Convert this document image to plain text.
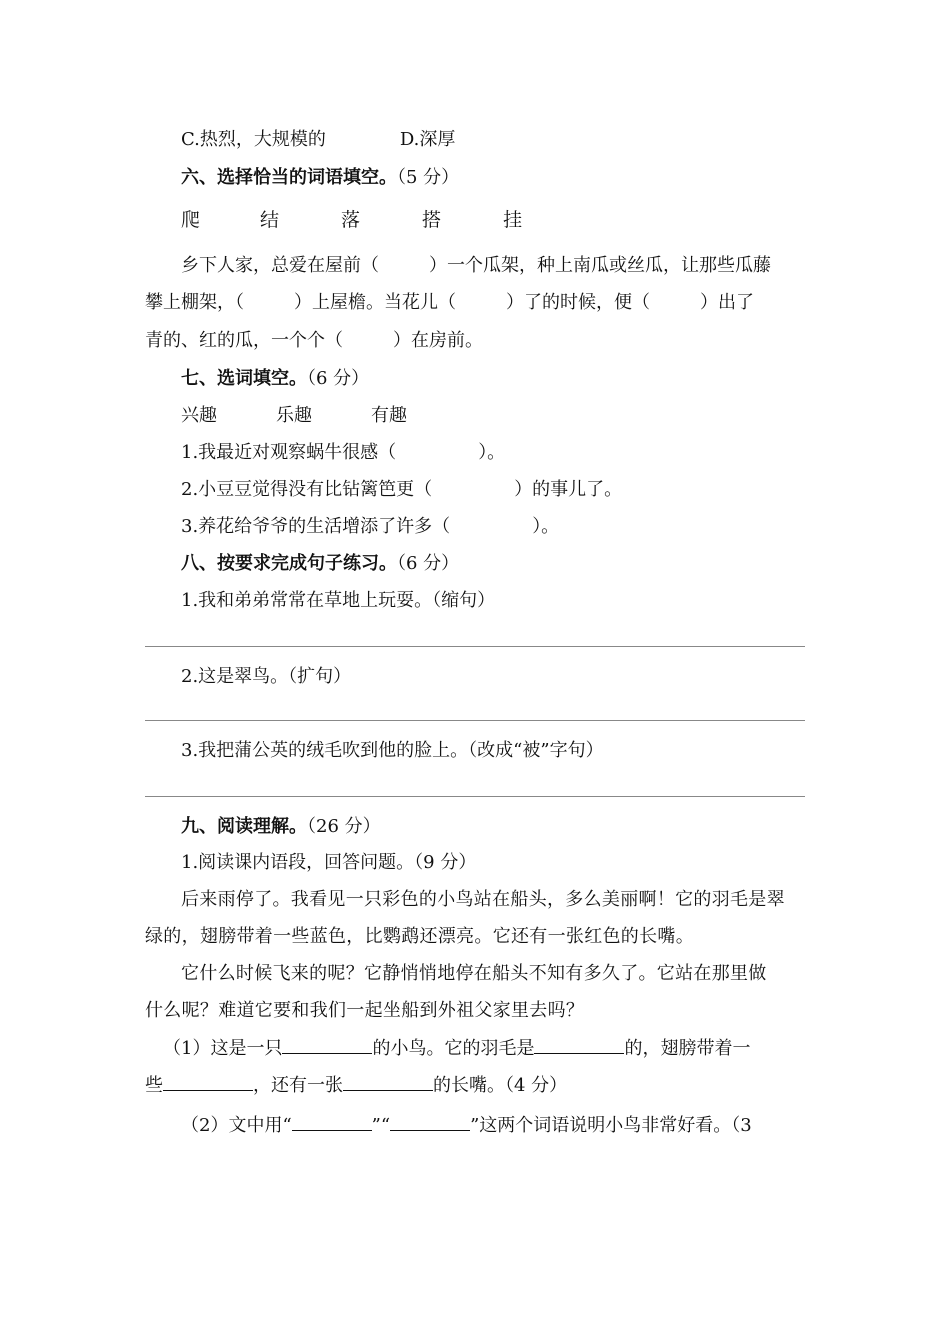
C.热烈，大规模的	D.深厚
六、选择恰当的词语填空。（5 分）
爬	结	落	搭	挂
乡下人家，总爱在屋前（	）一个瓜架，种上南瓜或丝瓜，让那些瓜藤
攀上棚架，（	）上屋檐。当花儿（	）了的时候，便（	）出了
青的、红的瓜，一个个（	）在房前。
七、选词填空。（6 分）
兴趣	乐趣	有趣
1.我最近对观察蜗牛很感（	）。
2.小豆豆觉得没有比钻篱笆更（	）的事儿了。
3.养花给爷爷的生活增添了许多（	）。
八、按要求完成句子练习。（6 分）
1.我和弟弟常常在草地上玩耍。（缩句）
2.这是翠鸟。（扩句）
3.我把蒲公英的绒毛吹到他的脸上。（改成“被”字句）
九、阅读理解。（26 分）
1.阅读课内语段，回答问题。（9 分）
后来雨停了。我看见一只彩色的小鸟站在船头，多么美丽啊！它的羽毛是翠
绿的，翅膀带着一些蓝色，比鹦鹉还漂亮。它还有一张红色的长嘴。
它什么时候飞来的呢？它静悄悄地停在船头不知有多久了。它站在那里做
什么呢？难道它要和我们一起坐船到外祖父家里去吗？
（1）这是一只	的小鸟。它的羽毛是	的，翅膀带着一
些	，还有一张	的长嘴。（4 分）
（2）文中用“	”“	”这两个词语说明小鸟非常好看。（3
